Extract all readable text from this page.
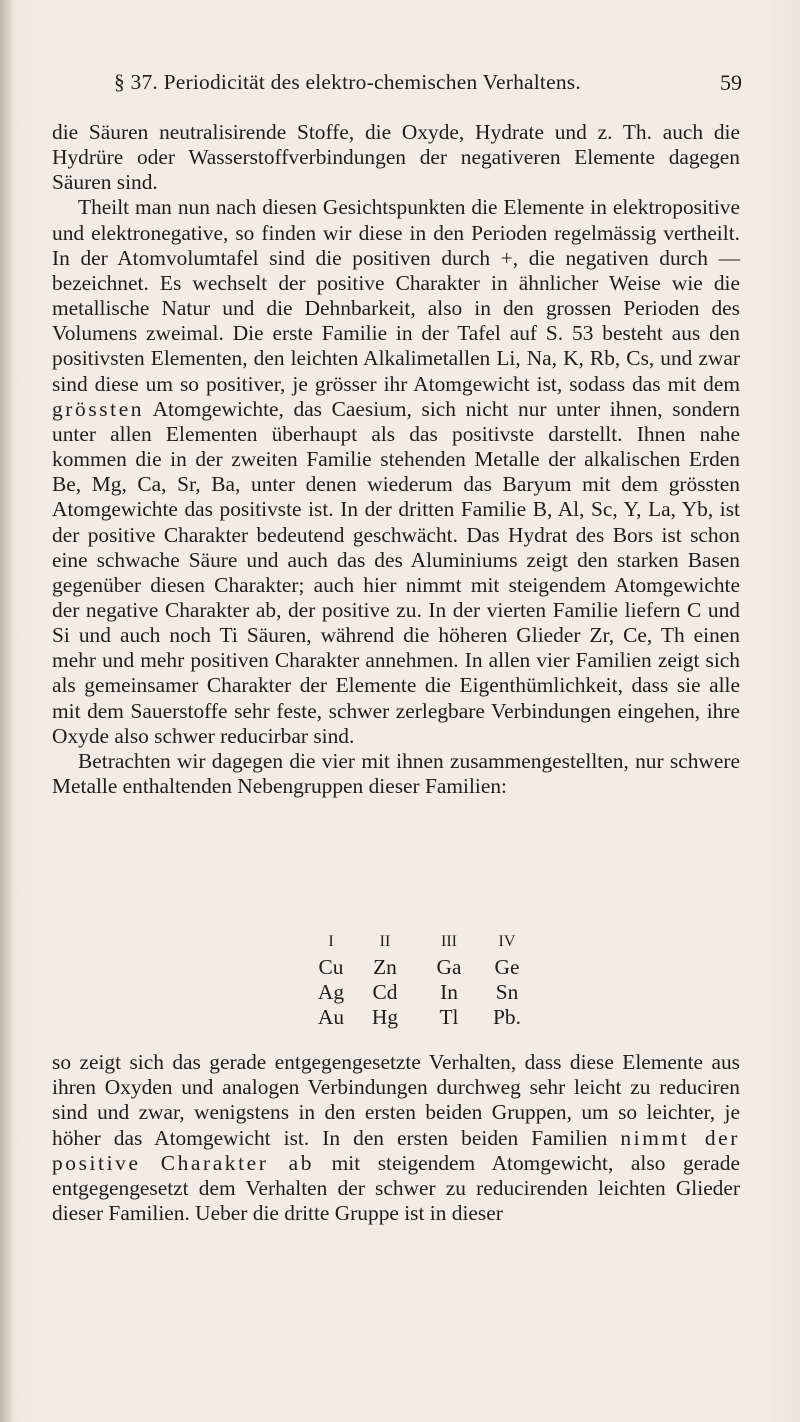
§ 37. Periodicität des elektro-chemischen Verhaltens.	59

die Säuren neutralisirende Stoffe, die Oxyde, Hydrate und z. Th. auch die Hydrüre oder Wasserstoffverbindungen der negativeren Elemente dagegen Säuren sind.

Theilt man nun nach diesen Gesichtspunkten die Elemente in elektropositive und elektronegative, so finden wir diese in den Perioden regelmässig vertheilt. In der Atomvolumtafel sind die positiven durch +, die negativen durch — bezeichnet. Es wechselt der positive Charakter in ähnlicher Weise wie die metallische Natur und die Dehnbarkeit, also in den grossen Perioden des Volumens zweimal. Die erste Familie in der Tafel auf S. 53 besteht aus den positivsten Elementen, den leichten Alkalimetallen Li, Na, K, Rb, Cs, und zwar sind diese um so positiver, je grösser ihr Atomgewicht ist, sodass das mit dem grössten Atomgewichte, das Caesium, sich nicht nur unter ihnen, sondern unter allen Elementen überhaupt als das positivste darstellt. Ihnen nahe kommen die in der zweiten Familie stehenden Metalle der alkalischen Erden Be, Mg, Ca, Sr, Ba, unter denen wiederum das Baryum mit dem grössten Atomgewichte das positivste ist. In der dritten Familie B, Al, Sc, Y, La, Yb, ist der positive Charakter bedeutend geschwächt. Das Hydrat des Bors ist schon eine schwache Säure und auch das des Aluminiums zeigt den starken Basen gegenüber diesen Charakter; auch hier nimmt mit steigendem Atomgewichte der negative Charakter ab, der positive zu. In der vierten Familie liefern C und Si und auch noch Ti Säuren, während die höheren Glieder Zr, Ce, Th einen mehr und mehr positiven Charakter annehmen. In allen vier Familien zeigt sich als gemeinsamer Charakter der Elemente die Eigenthümlichkeit, dass sie alle mit dem Sauerstoffe sehr feste, schwer zerlegbare Verbindungen eingehen, ihre Oxyde also schwer reducirbar sind.

Betrachten wir dagegen die vier mit ihnen zusammengestellten, nur schwere Metalle enthaltenden Nebengruppen dieser Familien:

I	II	III	IV
Cu	Zn	Ga	Ge
Ag	Cd	In	Sn
Au	Hg	Tl	Pb.

so zeigt sich das gerade entgegengesetzte Verhalten, dass diese Elemente aus ihren Oxyden und analogen Verbindungen durchweg sehr leicht zu reduciren sind und zwar, wenigstens in den ersten beiden Gruppen, um so leichter, je höher das Atomgewicht ist. In den ersten beiden Familien nimmt der positive Charakter ab mit steigendem Atomgewicht, also gerade entgegengesetzt dem Verhalten der schwer zu reducirenden leichten Glieder dieser Familien. Ueber die dritte Gruppe ist in dieser
